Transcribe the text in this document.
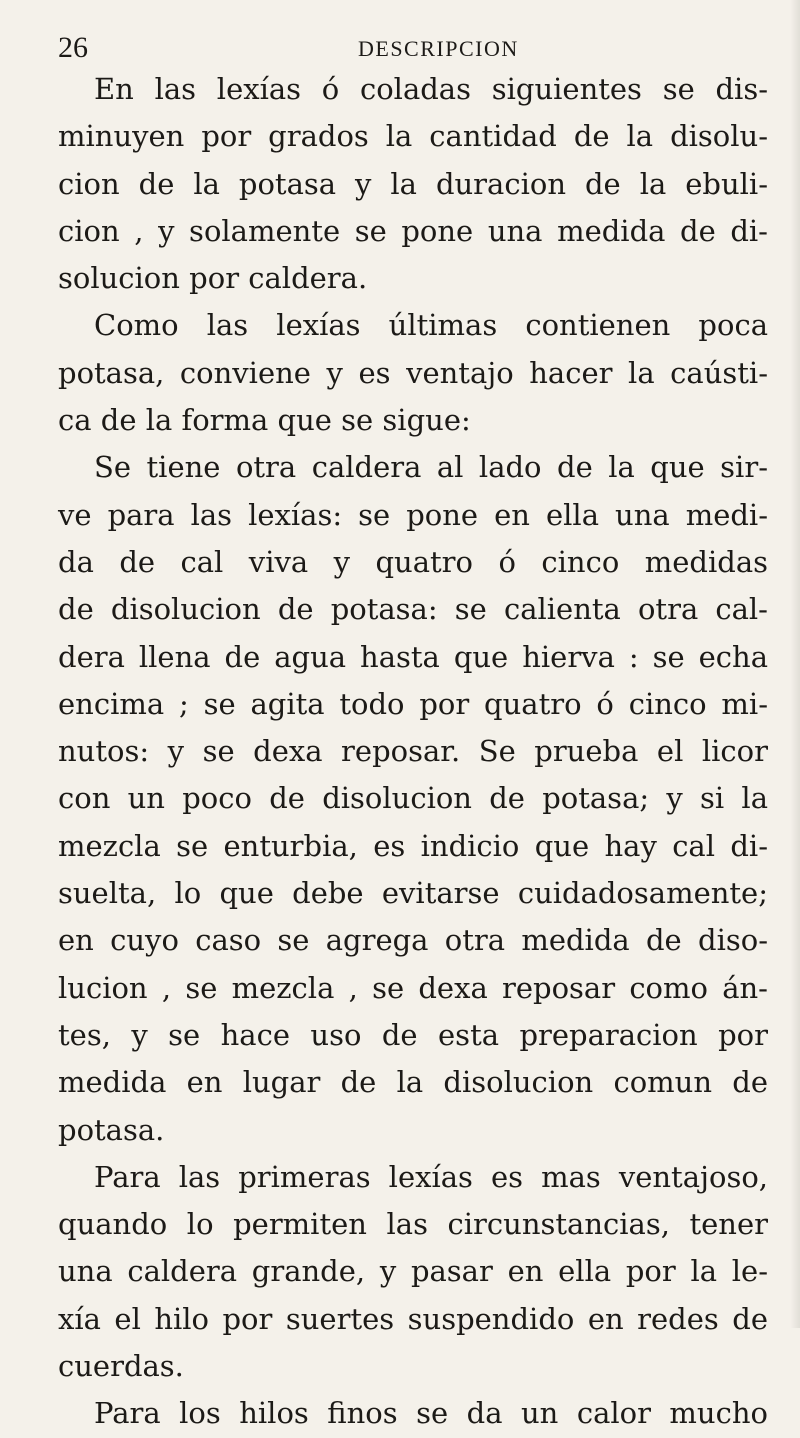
26	DESCRIPCION
En las lexías ó coladas siguientes se dis-
minuyen por grados la cantidad de la disolu-
cion de la potasa y la duracion de la ebuli-
cion , y solamente se pone una medida de di-
solucion por caldera.
Como las lexías últimas contienen poca
potasa, conviene y es ventajo hacer la caústi-
ca de la forma que se sigue:
Se tiene otra caldera al lado de la que sir-
ve para las lexías: se pone en ella una medi-
da de cal viva y quatro ó cinco medidas
de disolucion de potasa: se calienta otra cal-
dera llena de agua hasta que hierva : se echa
encima ; se agita todo por quatro ó cinco mi-
nutos: y se dexa reposar. Se prueba el licor
con un poco de disolucion de potasa; y si la
mezcla se enturbia, es indicio que hay cal di-
suelta, lo que debe evitarse cuidadosamente;
en cuyo caso se agrega otra medida de diso-
lucion , se mezcla , se dexa reposar como án-
tes, y se hace uso de esta preparacion por
medida en lugar de la disolucion comun de
potasa.
Para las primeras lexías es mas ventajoso,
quando lo permiten las circunstancias, tener
una caldera grande, y pasar en ella por la le-
xía el hilo por suertes suspendido en redes de
cuerdas.
Para los hilos finos se da un calor mucho
